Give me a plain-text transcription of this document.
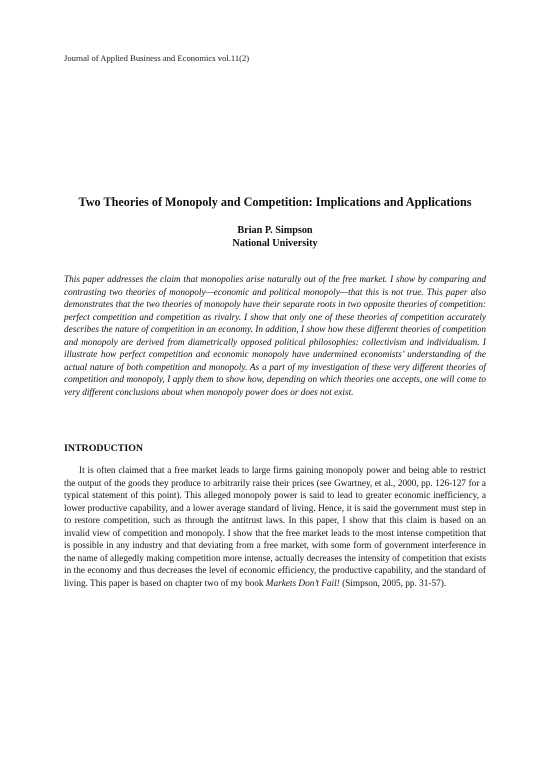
Journal of Applied Business and Economics vol.11(2)
Two Theories of Monopoly and Competition: Implications and Applications
Brian P. Simpson
National University

This paper addresses the claim that monopolies arise naturally out of the free market. I show by comparing and contrasting two theories of monopoly—economic and political monopoly—that this is not true. This paper also demonstrates that the two theories of monopoly have their separate roots in two opposite theories of competition: perfect competition and competition as rivalry. I show that only one of these theories of competition accurately describes the nature of competition in an economy. In addition, I show how these different theories of competition and monopoly are derived from diametrically opposed political philosophies: collectivism and individualism. I illustrate how perfect competition and economic monopoly have undermined economists’ understanding of the actual nature of both competition and monopoly. As a part of my investigation of these very different theories of competition and monopoly, I apply them to show how, depending on which theories one accepts, one will come to very different conclusions about when monopoly power does or does not exist.

INTRODUCTION

It is often claimed that a free market leads to large firms gaining monopoly power and being able to restrict the output of the goods they produce to arbitrarily raise their prices (see Gwartney, et al., 2000, pp. 126-127 for a typical statement of this point). This alleged monopoly power is said to lead to greater economic inefficiency, a lower productive capability, and a lower average standard of living. Hence, it is said the government must step in to restore competition, such as through the antitrust laws. In this paper, I show that this claim is based on an invalid view of competition and monopoly. I show that the free market leads to the most intense competition that is possible in any industry and that deviating from a free market, with some form of government interference in the name of allegedly making competition more intense, actually decreases the intensity of competition that exists in the economy and thus decreases the level of economic efficiency, the productive capability, and the standard of living. This paper is based on chapter two of my book Markets Don’t Fail! (Simpson, 2005, pp. 31-57).
